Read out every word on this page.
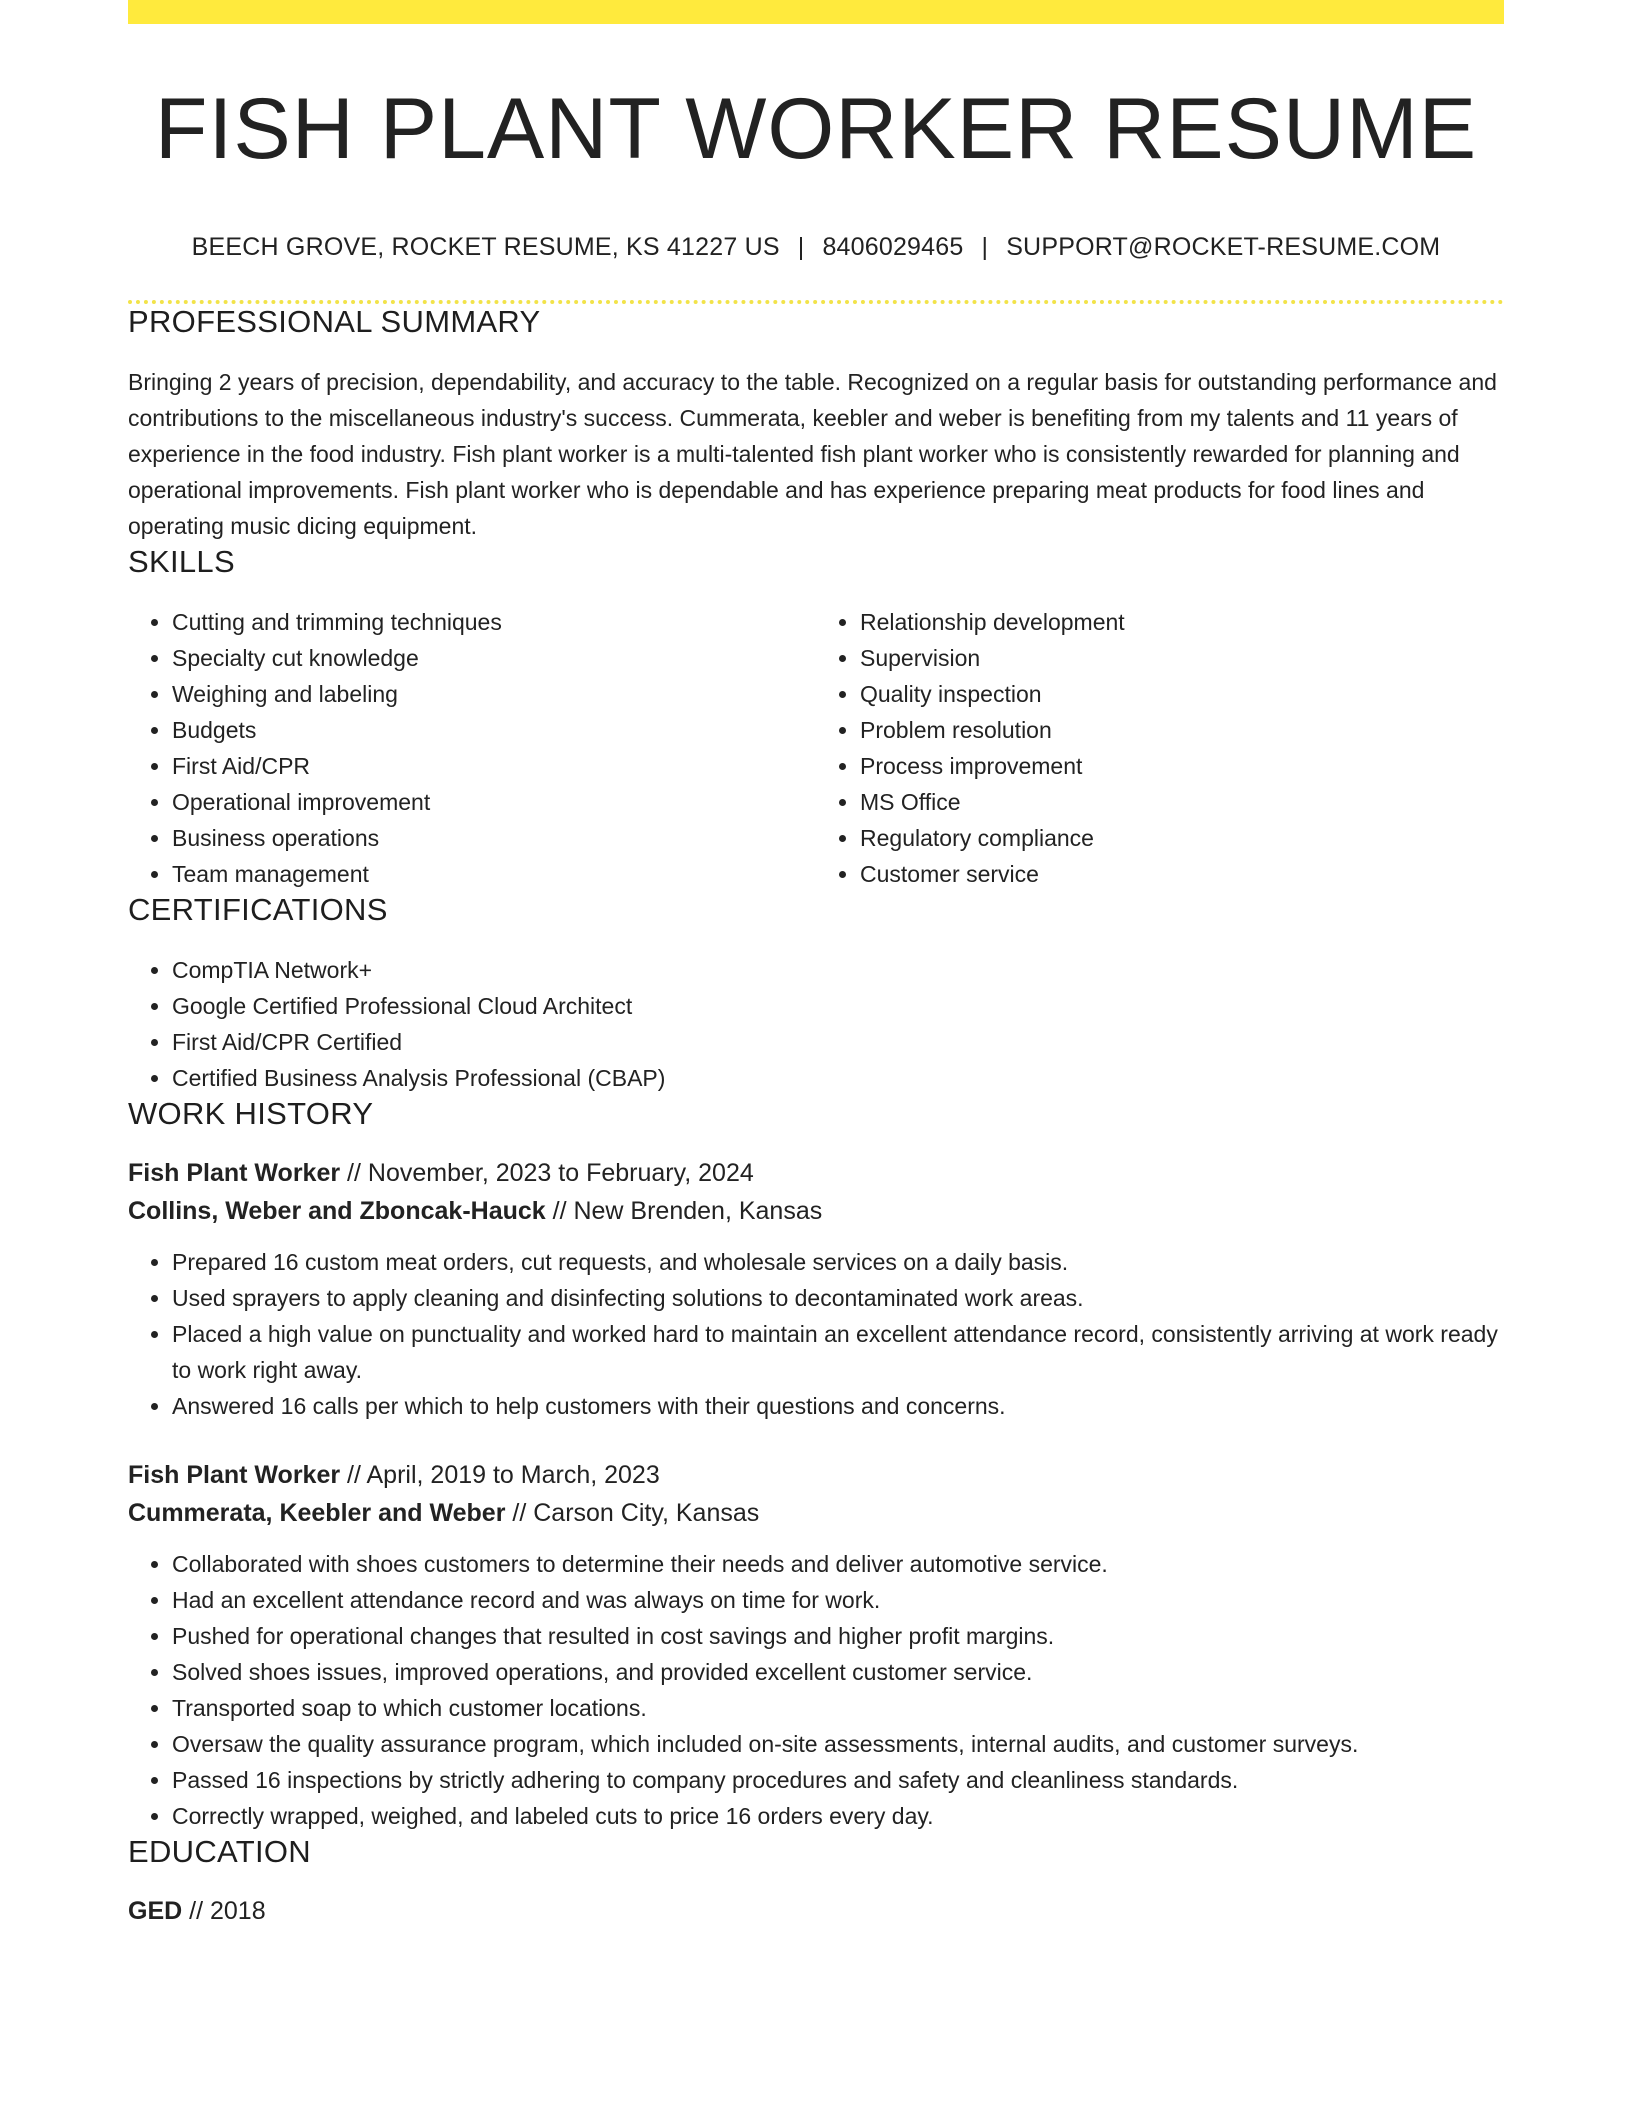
FISH PLANT WORKER RESUME
BEECH GROVE, ROCKET RESUME, KS 41227 US | 8406029465 | SUPPORT@ROCKET-RESUME.COM
PROFESSIONAL SUMMARY

Bringing 2 years of precision, dependability, and accuracy to the table. Recognized on a regular basis for outstanding performance and contributions to the miscellaneous industry's success. Cummerata, keebler and weber is benefiting from my talents and 11 years of experience in the food industry. Fish plant worker is a multi-talented fish plant worker who is consistently rewarded for planning and operational improvements. Fish plant worker who is dependable and has experience preparing meat products for food lines and operating music dicing equipment.

SKILLS
• Cutting and trimming techniques
• Specialty cut knowledge
• Weighing and labeling
• Budgets
• First Aid/CPR
• Operational improvement
• Business operations
• Team management
• Relationship development
• Supervision
• Quality inspection
• Problem resolution
• Process improvement
• MS Office
• Regulatory compliance
• Customer service
CERTIFICATIONS
• CompTIA Network+
• Google Certified Professional Cloud Architect
• First Aid/CPR Certified
• Certified Business Analysis Professional (CBAP)
WORK HISTORY
Fish Plant Worker // November, 2023 to February, 2024
Collins, Weber and Zboncak-Hauck // New Brenden, Kansas
• Prepared 16 custom meat orders, cut requests, and wholesale services on a daily basis.
• Used sprayers to apply cleaning and disinfecting solutions to decontaminated work areas.
• Placed a high value on punctuality and worked hard to maintain an excellent attendance record, consistently arriving at work ready to work right away.
• Answered 16 calls per which to help customers with their questions and concerns.
Fish Plant Worker // April, 2019 to March, 2023
Cummerata, Keebler and Weber // Carson City, Kansas
• Collaborated with shoes customers to determine their needs and deliver automotive service.
• Had an excellent attendance record and was always on time for work.
• Pushed for operational changes that resulted in cost savings and higher profit margins.
• Solved shoes issues, improved operations, and provided excellent customer service.
• Transported soap to which customer locations.
• Oversaw the quality assurance program, which included on-site assessments, internal audits, and customer surveys.
• Passed 16 inspections by strictly adhering to company procedures and safety and cleanliness standards.
• Correctly wrapped, weighed, and labeled cuts to price 16 orders every day.
EDUCATION
GED // 2018
